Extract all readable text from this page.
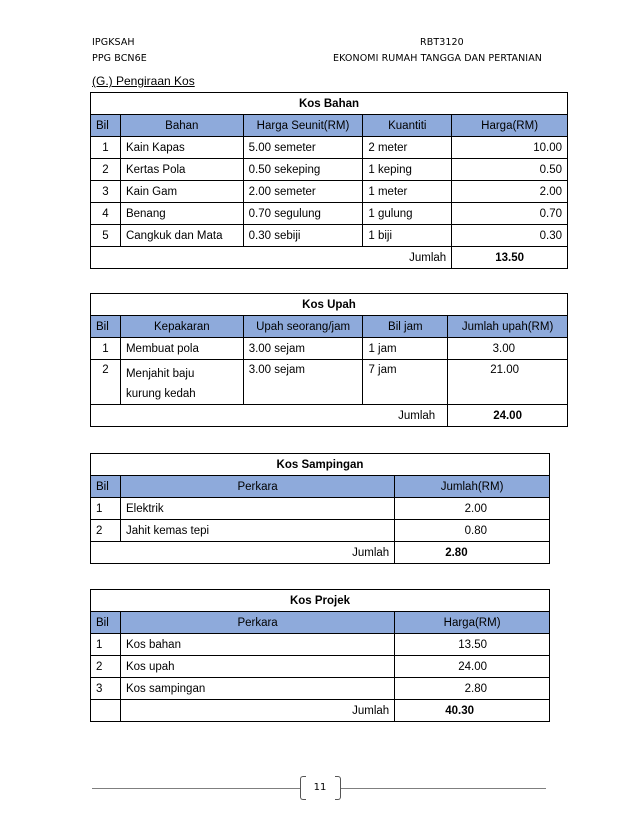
IPGKSAH
PPG BCN6E
RBT3120
EKONOMI RUMAH TANGGA DAN PERTANIAN
(G.) Pengiraan Kos
Kos Bahan				
Bil	Bahan	Harga Seunit(RM)	Kuantiti	Harga(RM)
1	Kain Kapas	5.00 semeter	2 meter	10.00
2	Kertas Pola	0.50 sekeping	1 keping	0.50
3	Kain Gam	2.00 semeter	1 meter	2.00
4	Benang	0.70 segulung	1 gulung	0.70
5	Cangkuk dan Mata	0.30 sebiji	1 biji	0.30
Jumlah				13.50
Kos Upah				
Bil	Kepakaran	Upah seorang/jam	Bil jam	Jumlah upah(RM)
1	Membuat pola	3.00 sejam	1 jam	3.00
2	Menjahit baju
kurung kedah	3.00 sejam	7 jam	21.00
Jumlah				24.00
Kos Sampingan		
Bil	Perkara	Jumlah(RM)
1	Elektrik	2.00
2	Jahit kemas tepi	0.80
Jumlah		2.80
Kos Projek		
Bil	Perkara	Harga(RM)
1	Kos bahan	13.50
2	Kos upah	24.00
3	Kos sampingan	2.80
	Jumlah	40.30
11
